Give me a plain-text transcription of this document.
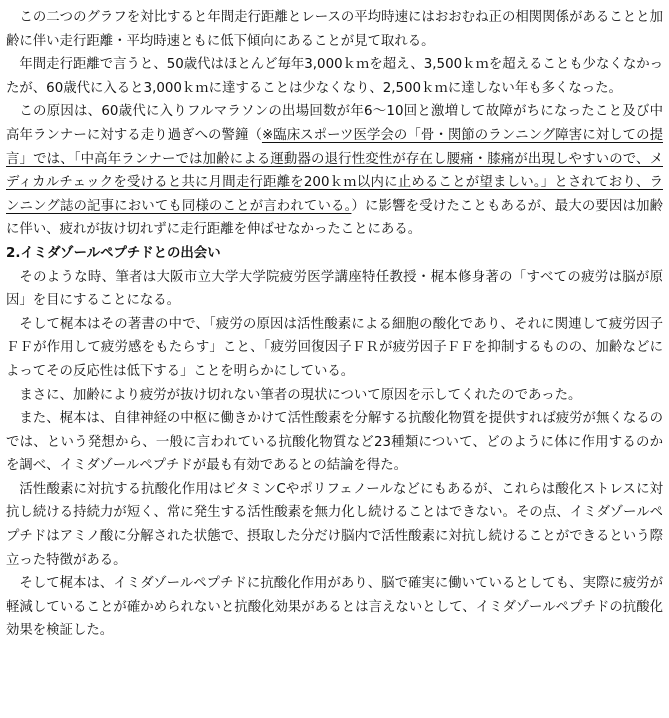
この二つのグラフを対比すると年間走行距離とレースの平均時速にはおおむね正の相関関係があることと加齢に伴い走行距離・平均時速ともに低下傾向にあることが見て取れる。

年間走行距離で言うと、50歳代はほとんど毎年3,000ｋｍを超え、3,500ｋｍを超えることも少なくなかったが、60歳代に入ると3,000ｋｍに達することは少なくなり、2,500ｋｍに達しない年も多くなった。

この原因は、60歳代に入りフルマラソンの出場回数が年6～10回と激増して故障がちになったこと及び中高年ランナーに対する走り過ぎへの警鐘（※臨床スポーツ医学会の「骨・関節のランニング障害に対しての提言」では、「中高年ランナーでは加齢による運動器の退行性変性が存在し腰痛・膝痛が出現しやすいので、メディカルチェックを受けると共に月間走行距離を200ｋｍ以内に止めることが望ましい。」とされており、ランニング誌の記事においても同様のことが言われている。）に影響を受けたこともあるが、最大の要因は加齢に伴い、疲れが抜け切れずに走行距離を伸ばせなかったことにある。

2.イミダゾールペプチドとの出会い

そのような時、筆者は大阪市立大学大学院疲労医学講座特任教授・梶本修身著の「すべての疲労は脳が原因」を目にすることになる。

そして梶本はその著書の中で、「疲労の原因は活性酸素による細胞の酸化であり、それに関連して疲労因子ＦＦが作用して疲労感をもたらす」こと、「疲労回復因子ＦＲが疲労因子ＦＦを抑制するものの、加齢などによってその反応性は低下する」ことを明らかにしている。

まさに、加齢により疲労が抜け切れない筆者の現状について原因を示してくれたのであった。

また、梶本は、自律神経の中枢に働きかけて活性酸素を分解する抗酸化物質を提供すれば疲労が無くなるのでは、という発想から、一般に言われている抗酸化物質など23種類について、どのように体に作用するのかを調べ、イミダゾールペプチドが最も有効であるとの結論を得た。

活性酸素に対抗する抗酸化作用はビタミンCやポリフェノールなどにもあるが、これらは酸化ストレスに対抗し続ける持続力が短く、常に発生する活性酸素を無力化し続けることはできない。その点、イミダゾールペプチドはアミノ酸に分解された状態で、摂取した分だけ脳内で活性酸素に対抗し続けることができるという際立った特徴がある。

そして梶本は、イミダゾールペプチドに抗酸化作用があり、脳で確実に働いているとしても、実際に疲労が軽減していることが確かめられないと抗酸化効果があるとは言えないとして、イミダゾールペプチドの抗酸化効果を検証した。
